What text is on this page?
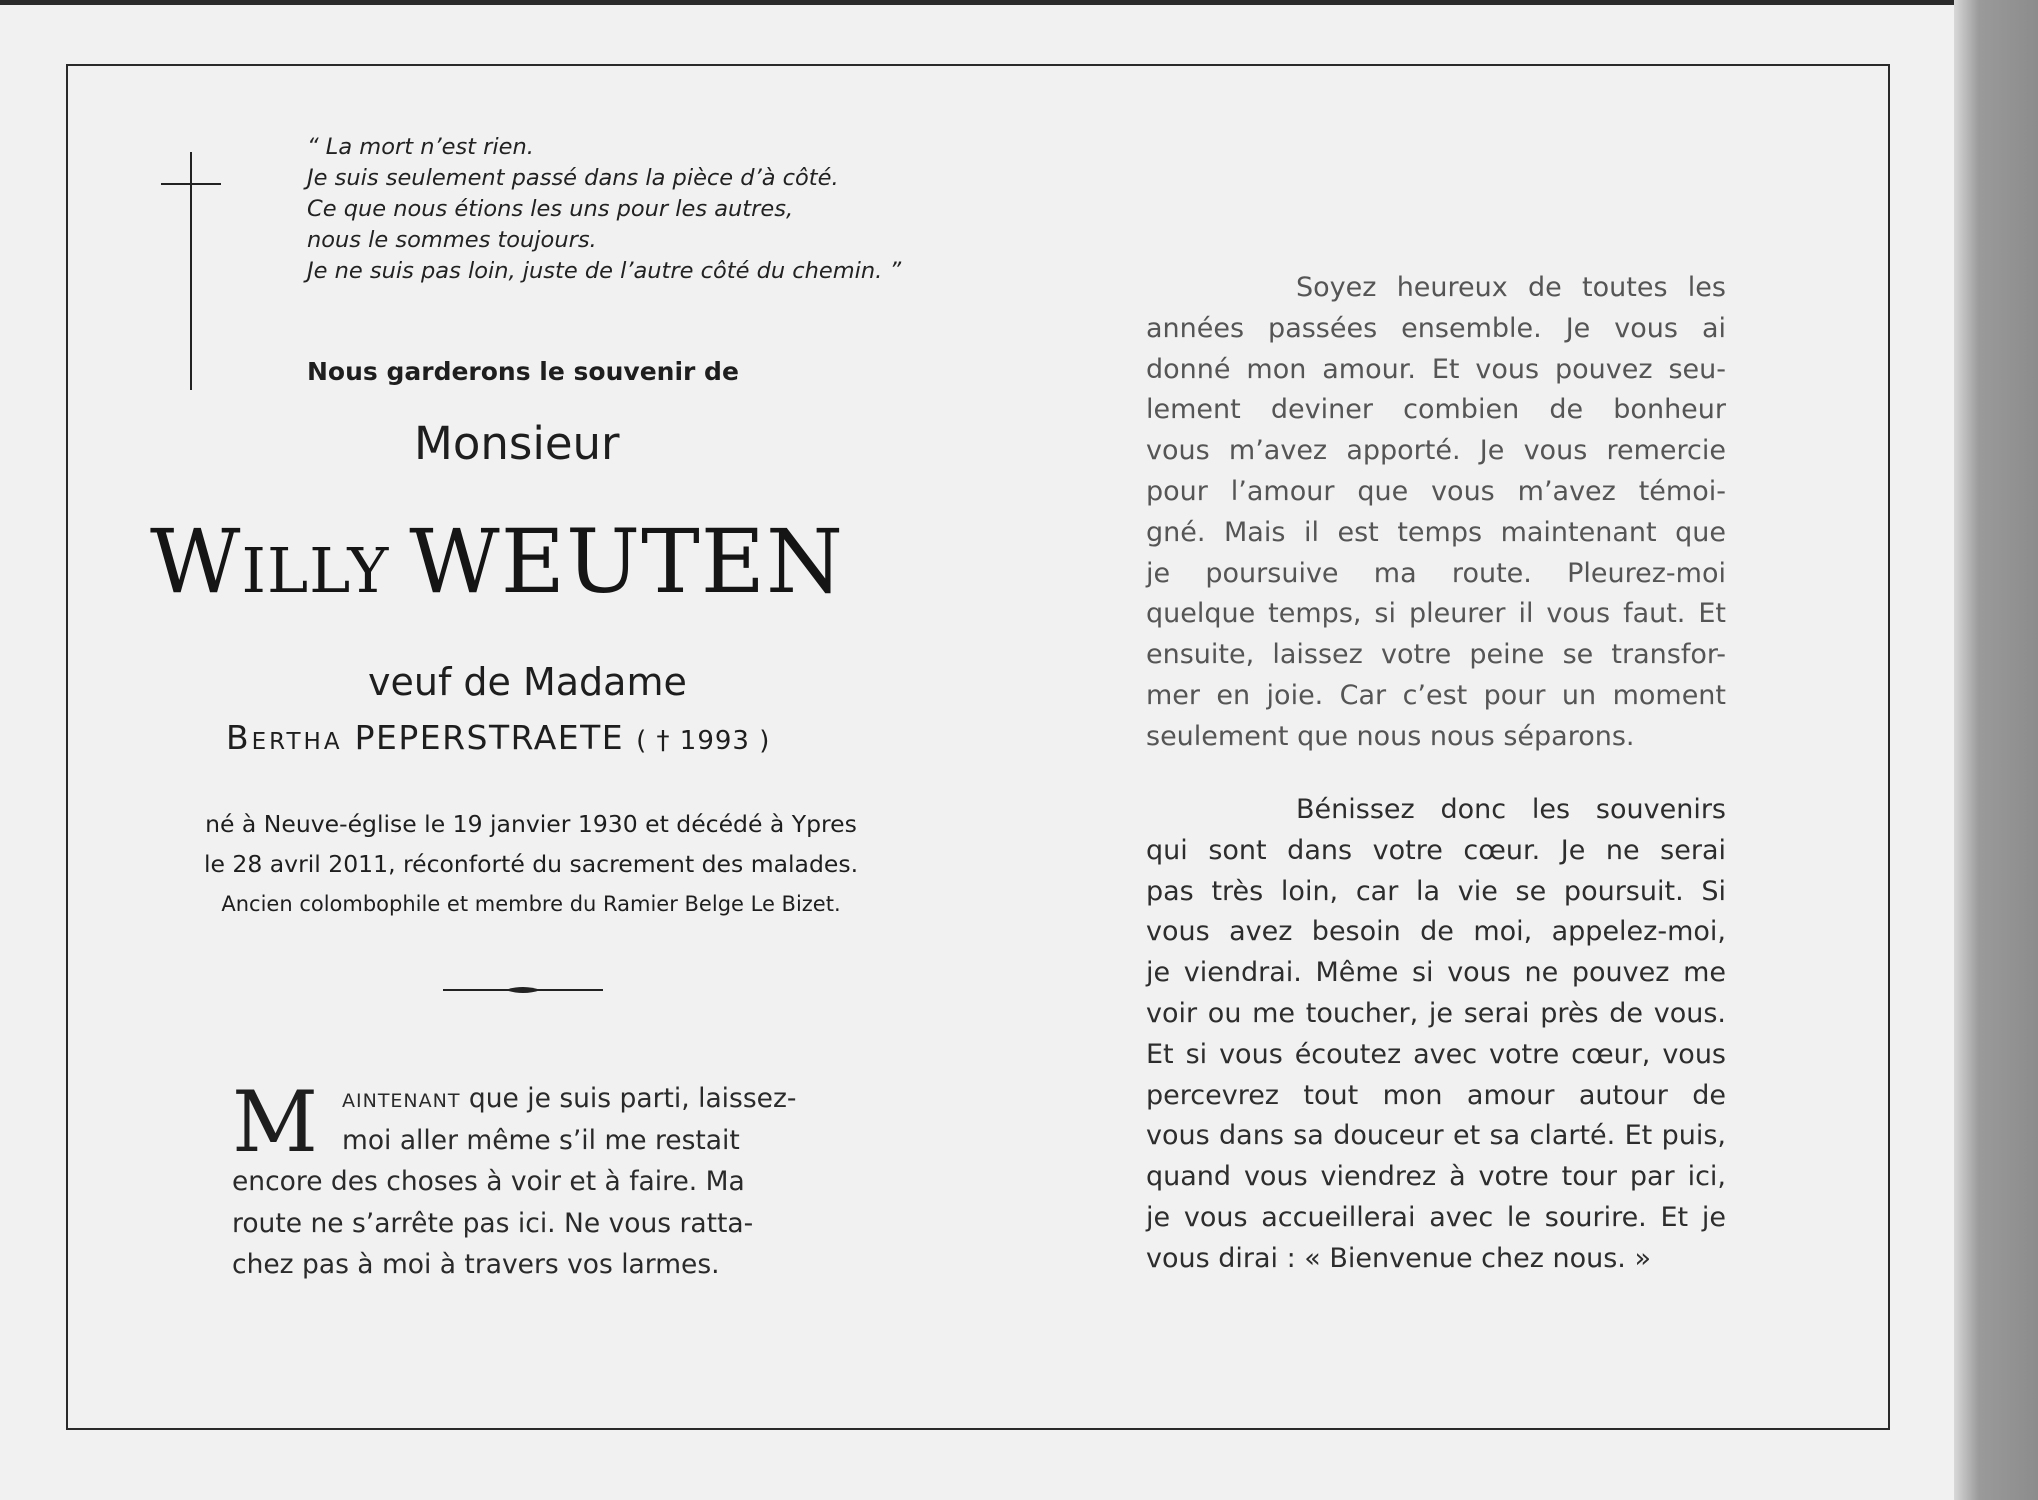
“ La mort n’est rien.
Je suis seulement passé dans la pièce d’à côté.
Ce que nous étions les uns pour les autres,
nous le sommes toujours.
Je ne suis pas loin, juste de l’autre côté du chemin. ”
Nous garderons le souvenir de
Monsieur
Willy WEUTEN
veuf de Madame
Bertha PEPERSTRAETE ( † 1993 )
né à Neuve-église le 19 janvier 1930 et décédé à Ypres
le 28 avril 2011, réconforté du sacrement des malades.
Ancien colombophile et membre du Ramier Belge Le Bizet.
M aintenant que je suis parti, laissez-
moi aller même s’il me restait
encore des choses à voir et à faire. Ma
route ne s’arrête pas ici. Ne vous ratta-
chez pas à moi à travers vos larmes.
Soyez heureux de toutes les
années passées ensemble. Je vous ai
donné mon amour. Et vous pouvez seu-
lement deviner combien de bonheur
vous m’avez apporté. Je vous remercie
pour l’amour que vous m’avez témoi-
gné. Mais il est temps maintenant que
je poursuive ma route. Pleurez-moi
quelque temps, si pleurer il vous faut. Et
ensuite, laissez votre peine se transfor-
mer en joie. Car c’est pour un moment
seulement que nous nous séparons.
Bénissez donc les souvenirs
qui sont dans votre cœur. Je ne serai
pas très loin, car la vie se poursuit. Si
vous avez besoin de moi, appelez-moi,
je viendrai. Même si vous ne pouvez me
voir ou me toucher, je serai près de vous.
Et si vous écoutez avec votre cœur, vous
percevrez tout mon amour autour de
vous dans sa douceur et sa clarté. Et puis,
quand vous viendrez à votre tour par ici,
je vous accueillerai avec le sourire. Et je
vous dirai : « Bienvenue chez nous. »
